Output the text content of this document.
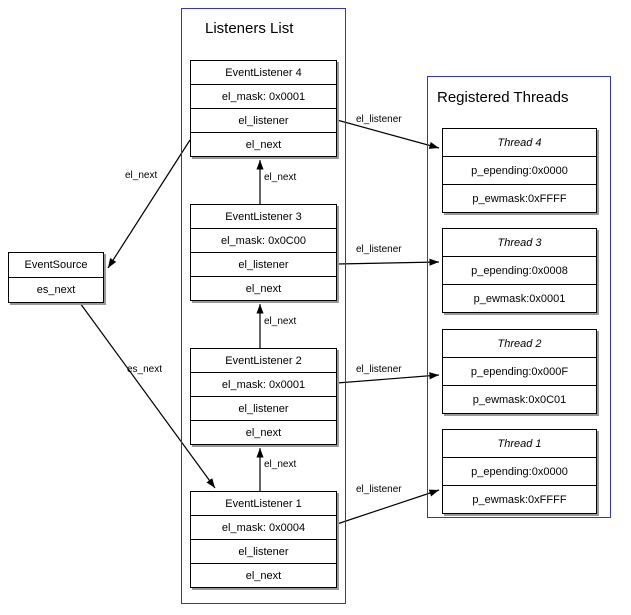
Listeners List
Registered Threads
EventSource
es_next
EventListener 4
el_mask: 0x0001
el_listener
el_next
EventListener 3
el_mask: 0x0C00
el_listener
el_next
EventListener 2
el_mask: 0x0001
el_listener
el_next
EventListener 1
el_mask: 0x0004
el_listener
el_next
Thread 4
p_epending:0x0000
p_ewmask:0xFFFF
Thread 3
p_epending:0x0008
p_ewmask:0x0001
Thread 2
p_epending:0x000F
p_ewmask:0x0C01
Thread 1
p_epending:0x0000
p_ewmask:0xFFFF
el_next
es_next
el_next
el_next
el_next
el_listener
el_listener
el_listener
el_listener
